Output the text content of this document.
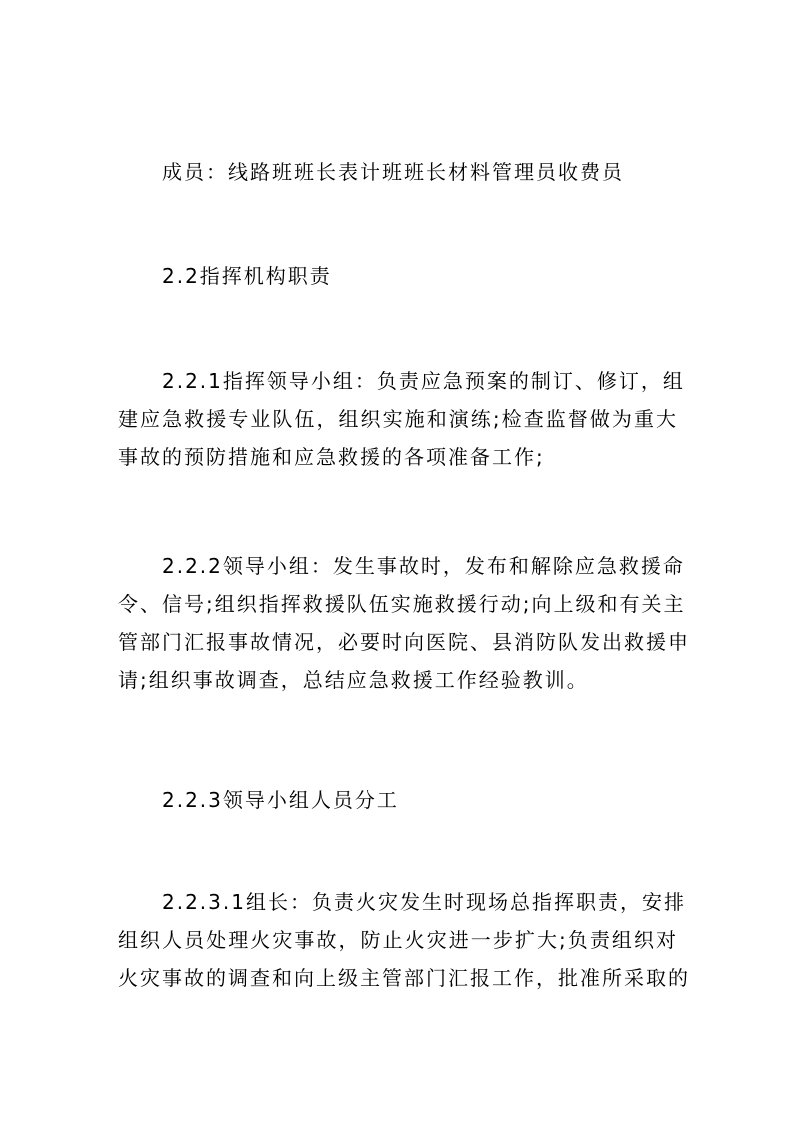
成员：线路班班长表计班班长材料管理员收费员

2.2指挥机构职责

2.2.1指挥领导小组：负责应急预案的制订、修订，组
建应急救援专业队伍，组织实施和演练;检查监督做为重大
事故的预防措施和应急救援的各项准备工作;
2.2.2领导小组：发生事故时，发布和解除应急救援命
令、信号;组织指挥救援队伍实施救援行动;向上级和有关主
管部门汇报事故情况，必要时向医院、县消防队发出救援申
请;组织事故调查，总结应急救援工作经验教训。

2.2.3领导小组人员分工

2.2.3.1组长：负责火灾发生时现场总指挥职责，安排
组织人员处理火灾事故，防止火灾进一步扩大;负责组织对
火灾事故的调查和向上级主管部门汇报工作，批准所采取的
